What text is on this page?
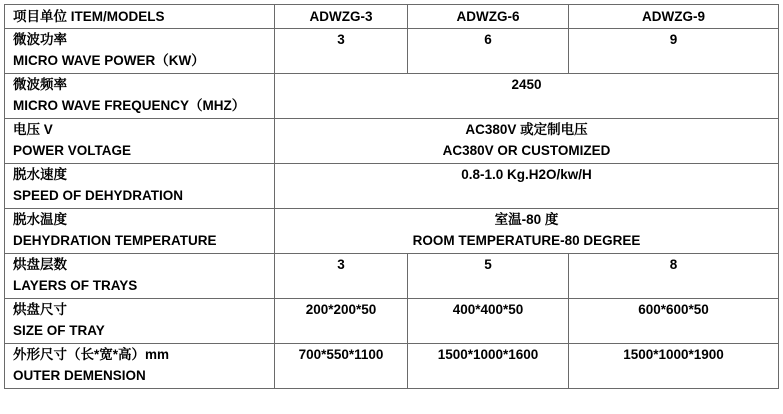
项目单位 ITEM/MODELS	ADWZG-3	ADWZG-6	ADWZG-9

微波功率
MICRO WAVE POWER（KW）	3	6	9

微波频率
MICRO WAVE FREQUENCY（MHZ）	2450		

电压 V
POWER VOLTAGE	AC380V 或定制电压
AC380V OR CUSTOMIZED		

脱水速度
SPEED OF DEHYDRATION	0.8-1.0 Kg.H2O/kw/H		

脱水温度
DEHYDRATION TEMPERATURE	室温-80 度
ROOM TEMPERATURE-80 DEGREE		

烘盘层数
LAYERS OF TRAYS	3	5	8

烘盘尺寸
SIZE OF TRAY	200*200*50	400*400*50	600*600*50

外形尺寸（长*宽*高）mm
OUTER DEMENSION	700*550*1100	1500*1000*1600	1500*1000*1900
